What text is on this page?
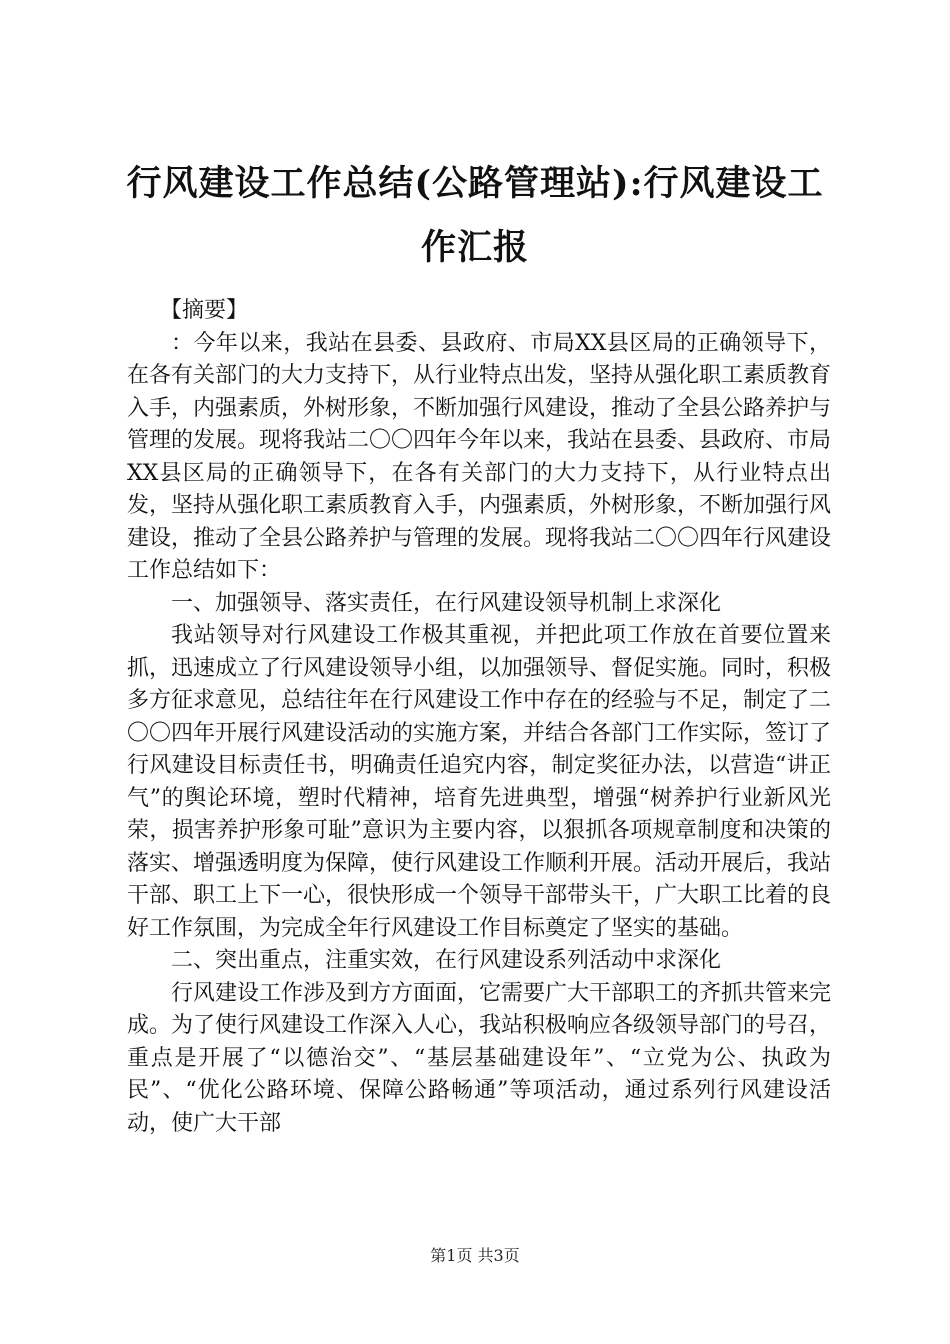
行风建设工作总结(公路管理站):行风建设工作汇报

【摘要】

：今年以来，我站在县委、县政府、市局XX县区局的正确领导下，在各有关部门的大力支持下，从行业特点出发，坚持从强化职工素质教育入手，内强素质，外树形象，不断加强行风建设，推动了全县公路养护与管理的发展。现将我站二〇〇四年今年以来，我站在县委、县政府、市局XX县区局的正确领导下，在各有关部门的大力支持下，从行业特点出发，坚持从强化职工素质教育入手，内强素质，外树形象，不断加强行风建设，推动了全县公路养护与管理的发展。现将我站二〇〇四年行风建设工作总结如下：

一、加强领导、落实责任，在行风建设领导机制上求深化

我站领导对行风建设工作极其重视，并把此项工作放在首要位置来抓，迅速成立了行风建设领导小组，以加强领导、督促实施。同时，积极多方征求意见，总结往年在行风建设工作中存在的经验与不足，制定了二〇〇四年开展行风建设活动的实施方案，并结合各部门工作实际，签订了行风建设目标责任书，明确责任追究内容，制定奖征办法，以营造“讲正气”的舆论环境，塑时代精神，培育先进典型，增强“树养护行业新风光荣，损害养护形象可耻”意识为主要内容，以狠抓各项规章制度和决策的落实、增强透明度为保障，使行风建设工作顺利开展。活动开展后，我站干部、职工上下一心，很快形成一个领导干部带头干，广大职工比着的良好工作氛围，为完成全年行风建设工作目标奠定了坚实的基础。

二、突出重点，注重实效，在行风建设系列活动中求深化

行风建设工作涉及到方方面面，它需要广大干部职工的齐抓共管来完成。为了使行风建设工作深入人心，我站积极响应各级领导部门的号召，重点是开展了“以德治交”、“基层基础建设年”、“立党为公、执政为民”、“优化公路环境、保障公路畅通”等项活动，通过系列行风建设活动，使广大干部

第1页 共3页
